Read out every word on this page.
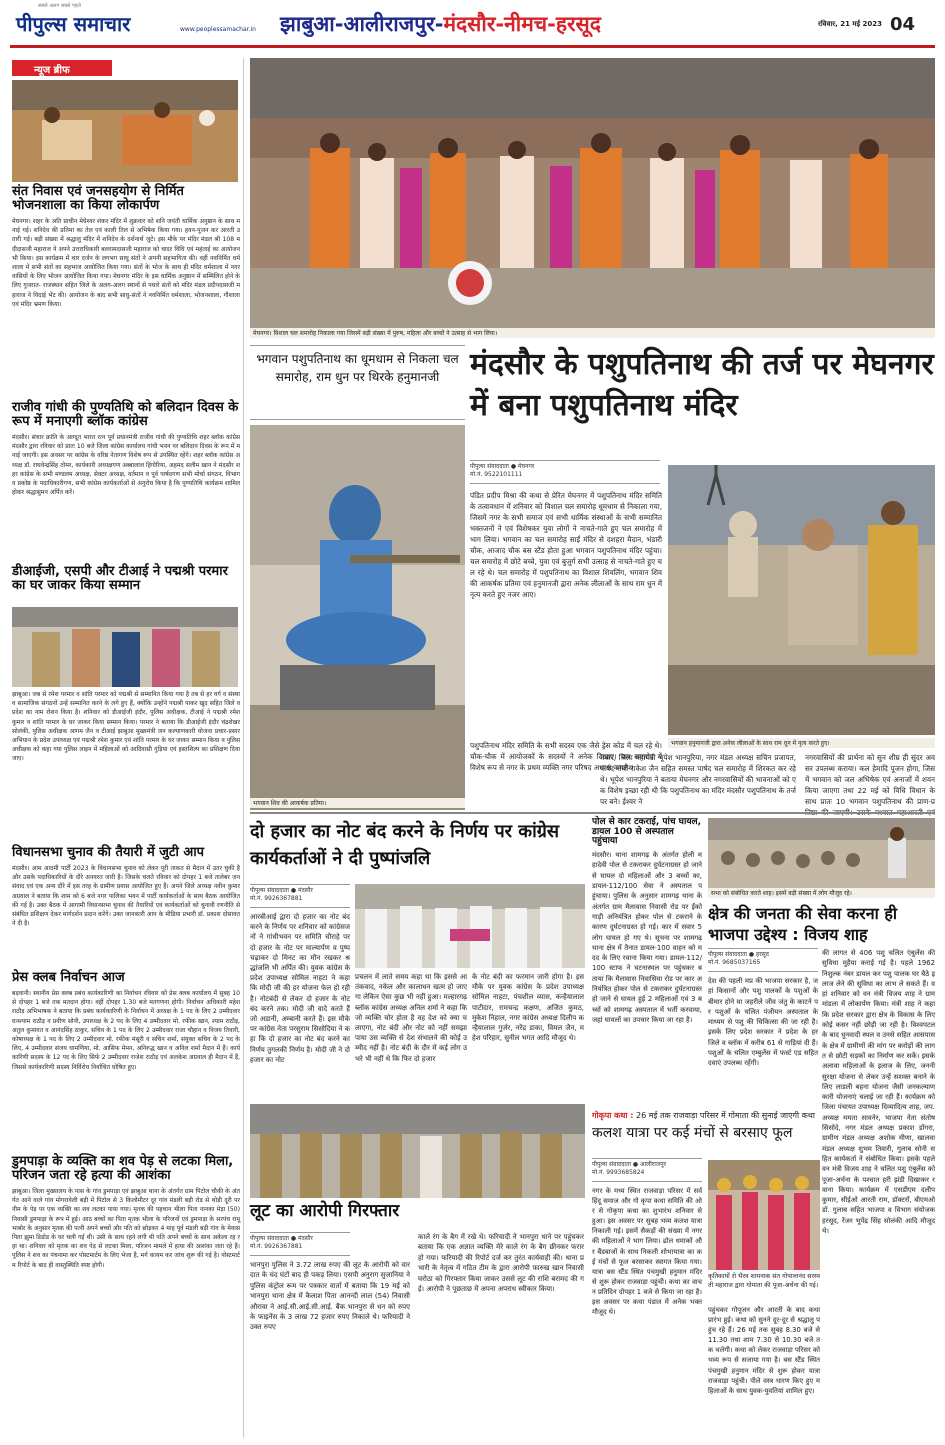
सबसे अलग सबसे पहले
पीपुल्स समाचार	www.peoplessamachar.in झाबुआ-आलीराजपुर-मंदसौर-नीमच-हरसूद	रविवार, 21 मई 2023 04
न्यूज ब्रीफ
संत निवास एवं जनसहयोग से निर्मित भोजनशाला का किया लोकार्पण
मेघनगर। शहर के अति प्राचीन मेघेश्वर शंकर मंदिर में शुक्रवार को शनि जयंती धार्मिक अनुष्ठान के साथ मनाई गई। शनिदेव की प्रतिमा का तेल एवं काली तिल से अभिषेक किया गया। हवन-पूजन कर आरती उतारी गई। बड़ी संख्या में श्रद्धालु मंदिर में शनिदेव के दर्शनार्थ जुटे। इस मौके पर मंदिर मंडल श्री 108 मदीदासजी महाराज ने अपने उत्तराधिकारी बलरामदासजी महाराज को चादर विधि एवं महंताई का आयोजन भी किया। इस कार्यक्रम में चार दर्जन के लगभग साधु संतों ने अपनी सहभागिता की। वहीं नवनिर्मित धर्मशाला में सभी संतों का सहभाज आयोजित किया गया। संतों के भोज के साथ ही मंदिर धर्मशाला में नगरवासियों के लिए भोजन आयोजित किया गया। मेघनगर मंदिर के इस धार्मिक अनुष्ठान में सम्मिलित होने के लिए गुजरात- राजस्थान सहित जिले के अलग-अलग स्थानों से पधारे संतों को मंदिर मंडल प्रदीपदासजी महाराज ने विदाई भेंट की। आयोजन के बाद सभी साधु-संतों ने नवनिर्मित धर्मशाला, भोजनशाला, गौशाला एवं मंदिर भ्रमण किया।
राजीव गांधी की पुण्यतिथि को बलिदान दिवस के रूप में मनाएगी ब्लॉक कांग्रेस
मंदसौर। संचार क्रांति के आग्दूत भारत रत्न पूर्व प्रधानमंत्री राजीव गांधी की पुण्यतिथि शहर ब्लॉक कांग्रेस मंदसौर द्वारा रविवार को प्रातः 10 बजे जिला कांग्रेस कार्यालय गांधी भवन पर बलिदान दिवस के रूप में मनाई जाएगी। इस अवसर पर कांग्रेस के वरिष्ठ नेतागण विशेष रूप से उपस्थित रहेंगे। शहर ब्लॉक कांग्रेस अध्यक्ष डॉ. राघवेन्द्रसिंह तोमर, कार्यकारी अध्यक्षगण अब्बालाल हिंगोरिया, अहमद सलीम खान ने मंदसौर शहर कांग्रेस के सभी मण्डलम अध्यक्ष, सेक्टर अध्यक्ष, वर्तमान व पूर्व पार्षदगण सभी मोर्चा संगठन, विभाग व प्रकोष्ठ के पदाधिकारीगण, सभी कांग्रेस कार्यकर्ताओं से अनुरोध किया है कि पुण्यतिथि कार्यक्रम शामिल होकर श्रद्धासुमन अर्पित करें।
डीआईजी, एसपी और टीआई ने पद्मश्री परमार का घर जाकर किया सम्मान
झाबुआ। जब से रमेश परमार व शांति परमार को पद्मश्री से सम्मानित किया गया है तब से हर वर्ग व संस्था व सामाजिक संगठनों उन्हें सम्मानित करने के लगे हुए हैं, क्योंकि उन्होंने पद्मश्री पाकर खुद सहित जिले व प्रदेश का नाम रोशन किया है। शनिवार को डीआईजी इंदौर, पुलिस अधीक्षक, टीआई ने पद्मश्री रमेश कुमार व शांति परमार के घर जाकर किया सम्मान किया। परमार ने बताया कि डीआईजी इंदौर चंद्रशेखर सोलंकी, पुलिस अधीक्षक आगम जैन व टीआई झाबुआ मुख्यमंत्री जन कल्याणकारी योजना प्रचार-प्रसार अभियान के प्रदेश उपाध्यक्ष एवं पद्मश्री रमेश कुमार एवं शांति परमार के घर जाकर सम्मान किया व पुलिस अधीक्षक को कहा गया पुलिस लाइन में महिलाओं को आदिवासी गुड़िया एवं हस्तशिल्प का प्रशिक्षण दिया जाए।
विधानसभा चुनाव की तैयारी में जुटी आप
मंदसौर। आम आदमी पार्टी 2023 के विधानसभा चुनाव को लेकर पूरी ताकत से मैदान में उतर चुकी है और उसके पदाधिकारियों के दौरे अनवरत जारी है। जिसके चलते रविवार को दोपहर 1 बजे तालेबर जनसंवाद एवं एक अन्य दौरे में इस तरह के ग्रामीण प्रवास आयोजित हुए हैं। अपने जिले अध्यक्ष नवीन कुमार अग्रवाल ने बताया कि शाम को 6 बजे नगर पालिका भवन में पार्टी कार्यकर्ताओं के साथ बैठक आयोजित की गई है। उक्त बैठक में आगामी विधानसभा चुनाव की तैयारियों एवं कार्यकर्ताओं को चुनावी रणनीति से संबंधित प्रशिक्षण देकर मार्गदर्शन प्रदान करेंगे। उक्त जानकारी आप के मीडिया प्रभारी डॉ. प्रकाश दोसावत ने दी है।
प्रेस क्लब निर्वाचन आज
बड़वानी। स्थानीय प्रेस क्लब प्रबंध कार्यकारिणी का निर्वाचन रविवार को प्रेस क्लब कार्यालय में सुबह 10 से दोपहर 1 बजे तक मतदान होगा। वहीं दोपहर 1.30 बजे मतगणना होगी। निर्वाचन अधिकारी महेश राठौड़ अभिभाषक ने बताया कि प्रबंध कार्यकारिणी के निर्वाचन में अध्यक्ष के 1 पद के लिए 2 उम्मीदवार घनश्याम राठौड़ व प्रवीण सोनी, उपाध्यक्ष के 2 पद के लिए 4 उम्मीदवार मो. रफीक खान, श्याम राठौड़, अतुल कुमावत व आनंदसिंह ठाकुर, सचिव के 1 पद के लिए 2 उम्मीदवार राजा चौहान व विजय तिवारी, कोषाध्यक्ष के 1 पद के लिए 2 उम्मीदवार मो. रफीक मंसूरी व सचिन शर्मा, संयुक्त सचिव के 2 पद के लिए, 4 उम्मीदवार संजय धामणिया, मो. आसिफ मेमन, अनिरुद्ध खान व अनिल शर्मा मैदान में हैं। कार्यकारिणी सदस्य के 12 पद के लिए सिर्फ 2 उम्मीदवार राजेश राठौड़ एवं अलकेश अग्रवाल ही मैदान में हैं, जिससे कार्यकारिणी सदस्य निर्विरोध निर्वाचित घोषित हुए।
डुमपाड़ा के व्यक्ति का शव पेड़ से लटका मिला, परिजन जता रहे हत्या की आशंका
झाबुआ। जिला मुख्यालय के पास के गांव डुमपाड़ा एवं झाबुआ थाना के अंतर्गत ग्राम पिटोल चौकी के अंतर्गत आने वाले गांव मोगरावेली बड़ी में पिटोल से 3 किलोमीटर दूर गांव मंडली बड़ी रोड से थोड़ी दूरी पर नीम के पेड़ पर एक व्यक्ति का शव लटका पाया गया। मृतक की पहचान भीला पिता नानका मेड़ा (50) निवासी डुमपाड़ा के रूप में हुई। आठ बच्चों का पिता मृतक भीला के परिजनों एवं डुमपाड़ा के सरपंच रामू भाबोर के अनुसार मृतक की पत्नी अपने बच्चों और पति को छोड़कर 4 माह पूर्व मंडली बड़ी गांव के मेवास पिता झुमा डिडोड के घर चली गई थी। उसी के साथ रहने लगी थी पति अपने बच्चों के साथ अकेला रह रहा था। शनिवार को मृतक का शव पेड़ से लटका मिला, परिजन मामले में हत्या की आशंका जता रहे हैं। पुलिस ने शव का पंचनामा कर पोस्टमार्टम के लिए भेजा है, मर्ग कायम कर जांच शुरू की गई है। पोस्टमार्टम रिपोर्ट के बाद ही वास्तुस्थिति स्पष्ट होगी।
मेघनगर। विशाल चल समारोह निकाला गया जिसमें बड़ी संख्या में पुरुष, महिला और बच्चों ने उत्साह से भाग लिया।
भगवान पशुपतिनाथ का धूमधाम से निकला चल समारोह, राम धुन पर थिरके हनुमानजी	मंदसौर के पशुपतिनाथ की तर्ज पर मेघनगर में बना पशुपतिनाथ मंदिर
भगवान शिव की आकर्षक प्रतिमा।
पीपुल्स संवाददाता ● मेघनगर
मो.नं. 9522101111
पंडित प्रदीप मिश्रा की कथा से प्रेरित मेघनगर में पशुपतिनाथ मंदिर समिति के तत्वावधान में शनिवार को विशाल चल समारोह धूमधाम से निकाला गया, जिसमें नगर के सभी समाज एवं सभी धार्मिक संस्थाओं के सभी सम्मानित भक्तजनों ने एवं विशेषकर युवा लोगों ने नाचते-गाते हुए चल समारोह में भाग लिया। भगवान का चल समारोह साईं मंदिर से दशहरा मैदान, भंडारी चौक, आजाद चौक बस स्टैंड होता हुआ भगवान पशुपतिनाथ मंदिर पहुंचा। चल समारोह में छोटे बच्चे, युवा एवं बुजुर्ग सभी उत्साह से नाचते-गाते हुए चल रहे थे। चल समारोह में पशुपतिनाथ का विशाल शिवलिंग, भगवान शिव की आकर्षक प्रतिमा एवं हनुमानजी द्वारा अनेक लीलाओं के साथ राम धुन में नृत्य करते हुए नजर आए।
भगवान हनुमानजी द्वारा अनेक लीलाओं के साथ राम धुन में नृत्य करते हुए।
पशुपतिनाथ मंदिर समिति के सभी सदस्य एक जैसे ड्रेस कोड में चल रहे थे। चौक-चौक में आयोजकों के सदस्यों ने अनेक दिखाए। चल समारोह में विशेष रूप से नगर के प्रथम व्यक्ति नगर परिषद अध्यक्ष कमलेश
मचार, जिला महामंत्री भूपेश भानपुरिया, नगर मंडल अध्यक्ष सचिन प्रजापत, पार्षद रांची राकेश जैन सहित समस्त पार्षद चल समारोह में शिरकत कर रहे थे। भूपेश भानपुरिया ने बताया मेघनगर और नगरवासियों की भावनाओं को एक विशेष इच्छा रही थी कि पशुपतिनाथ का मंदिर मंदसौर पशुपतिनाथ के तर्ज पर बने। ईश्वर ने
नगरवासियों की प्रार्थना को सुन शीघ्र ही सुंदर अवसर उपलब्ध कराया। कल हेमादि पूजन होगा, जिसमें भगवान को जल अभिषेक एवं अनाजों में शयन किया जाएगा तथा 22 मई को विधि विधान के साथ प्रातः 10 भगवान पशुपतिनाथ की प्राण-प्र
दो हजार का नोट बंद करने के निर्णय पर कांग्रेस कार्यकर्ताओं ने दी पुष्पांजलि
पीपुल्स संवाददाता ● मंदसौर
मो.नं. 9926367881
आरबीआई द्वारा दो हजार का नोट बंद करने के निर्णय पर शनिवार को कांग्रेसजनों ने गांधीभवन पर समिति चौराहे पर दो हजार के नोट पर माल्यार्पण व पुष्प चढ़ाकर दो मिनट का मौन रखकर श्रद्धांजलि भी अर्पित की। युवक कांग्रेस के प्रदेश उपाध्यक्ष सोमिल नाहटा ने कहा कि मोदी जी की हर योजना फेल हो रही है। नोटबंदी से लेकर दो हजार के नोट बंद करने तक। मोदी जी वादे करते हैं जो अडानी, अम्बानी करते हैं। इस मौके पर कांग्रेस नेता परसुराम सिसोदिया ने कहा कि दो हजार का नोट बंद करने का निर्णय तुगलकी निर्णय है। मोदी जी ने दो हजार का नोट
प्रचलन में लाते समय कहा था कि इससे आतंकवाद, नकेल और कालाधन खत्म हो जाएगा लेकिन ऐसा कुछ भी नहीं हुआ। मल्हारगढ़ ब्लॉक कांग्रेस अध्यक्ष अनिल शर्मा ने कहा कि जो व्यक्ति चोर होता है वह देश को क्या चलाएगा, नोट बंदी और नोट को नहीं समझा पाया उस व्यक्ति से देश संभालने की कोई उम्मीद नहीं है। नोट बंदी के दौर में कई लोग उभरे भी नहीं थे कि फिर दो हजार
के नोट बंदी का फरमान जारी होगा है। इस मौके पर युवक कांग्रेस के प्रदेश उपाध्यक्ष सोमिल नाहटा, पंचशील व्यास, कन्हैयालाल पाटीदार, रामचन्द्र कक्षण, अजित कुमठ, मुकेश निहाल, नगर कांग्रेस अध्यक्ष दिलीप कन्हैयालाल गुर्जर, नरेंद्र डाका, विमल जैन, महेश परिहार, सुनील भगत आदि मौजूद थे।
पोल से कार टकराई, पांच घायल, डायल 100 से अस्पताल पहुंचाया
मंदसौर। थाना शामगढ़ के अंतर्गत होली महादेवी पोल से टकराकर दुर्घटनाग्रस्त हो जाने से घायल दो महिलाओं और 3 बच्चों का, डायल-112/100 सेवा ने अस्पताल पहुंचाया। पुलिस के अनुसार शामगढ़ थाना के अंतर्गत ग्राम मैलावास निवासी रोड पर ईंको गाड़ी अनियंत्रित होकर पोल से टकराने के कारण दुर्घटनाग्रस्त हो गई। कार में सवार 5 लोग घायल हो गए थे। सूचना पर शामगढ़ थाना क्षेत्र में तैनात डायल-100 वाहन को मदद के लिए रवाना किया गया। डायल-112/100 स्टाफ ने घटनास्थल पर पहुंचकर बताया कि मैलावास निवासिया रोड पर कार अनियंत्रित होकर पोल से टकराकर दुर्घटनाग्रस्त हो जाने से घायल हुई 2 महिलाओं एवं 3 बच्चों को शामगढ़ अस्पताल में भर्ती करवाया, जहां घायलों का उपचार किया जा रहा है।
सभा को संबोधित करते शाह। इसमें बड़ी संख्या में लोग मौजूद रहे।
क्षेत्र की जनता की सेवा करना ही भाजपा उद्देश्य : विजय शाह
पीपुल्स संवाददाता ● हरसूद
मो.नं. 9685037165
देश की पहली मप्र की भाजपा सरकार है, जहां किसानों और पशु पालकों के पशुओं के बीमार होने या जहरीले जीव जंतु के काटने पर पशुओं के चलित पंजीयन अस्पताल के माध्यम से पशु की चिकित्सा की जा रही है। इसके लिए प्रदेश सरकार ने प्रदेश के हर जिले व ब्लॉक में करीब 61 से गाड़ियां दी हैं। पशुओं के चलित एम्बुलेंस में फर्स्ट एड सहित दवाएं उपलब्ध रहेंगी।
की लागत से 406 पशु चलित एंबुलेंस की सुविधा मुहैया कराई गई है। पहले 1962 निशुल्क नंबर डायल कर पशु पालक घर बैठे इलाज लेने की सुविधा का लाभ ले सकते हैं। वहां शनिवार को वन मंत्री विजय शाह ने ग्राम मांडला में लोकार्पण किया। मंत्री शाह ने कहा कि प्रदेश सरकार द्वारा क्षेत्र के विकास के लिए कोई कसर नहीं छोड़ी जा रही है। विश्वपटल के बाद धुनवादी स्थल व उनसे सहित आसपास के क्षेत्र में ग्रामीणों की मांग पर करोड़ों की लागत से छोटी सड़कों का निर्माण कर सकें। इसके अलावा महिलाओं के इलाज के लिए, जननी सुरक्षा योजना से लेकर उन्हें सशक्त बनाने के लिए लाडली बहना योजना जैसी जनकल्याणकारी योजनाएं चलाई जा रही हैं। कार्यक्रम को जिला पंचायत उपाध्यक्ष दिव्यादित्य शाह, जप. अध्यक्ष ममता सावनेर, भाजपा नेता संतोष सिसोदे, नगर मंडल अध्यक्ष प्रकाश डोंगरा, ग्रामीण मंडल अध्यक्ष अशोक मीणा, खालवा मंडल अध्यक्ष शुभम तिवारी, गुलाब सोनी सहित कार्यकर्ता ने संबोधित किया। इसके पहले वन मंत्री विजय शाह ने चलित पशु एंबुलेंस को पूजा-अर्चना के पश्चात हरी झंडी दिखाकर रवाना किया। कार्यक्रम में एसडीएम दलीप कुमार, सीईओ आरती राम, डॉक्टरों, बीएमओ डॉ. गुलाब सहित भाजपा व विभाग संयोजक हरसूद, रेंजर भूपेंद्र सिंह सोलंकी आदि मौजूद थे।
लूट का आरोपी गिरफ्तार
पीपुल्स संवाददाता ● मंदसौर
मो.नं. 9926367881
भानपुरा पुलिस ने 3.72 लाख रुपए की लूट के आरोपी को वारदात के चंद घंटों बाद ही पकड़ लिया। एसपी अनुराग सुजानिया ने पुलिस कंट्रोल रूम पर पत्रकार वार्ता में बताया कि 19 मई को भानपुरा थाना क्षेत्र में कैलाश पिता आनन्दी लाल (54) निवासी औरावा ने आई.सी.आई.सी.आई. बैंक भानपुरा से धन को रुपए के फाइनेंस के 3 लाख 72 हजार रुपए निकाले थे। फरियादी ने उक्त रुपए
काले रंग के बैग में रखे थे। फरियादी ने भानपुरा थाने पर पहुंचकर बताया कि एक अज्ञात व्यक्ति मेरे काले रंग के बैग छीनकर फरार हो गया। फरियादी की रिपोर्ट दर्ज कर तुरंत कार्यवाही की। थाना प्रभारी के नेतृत्व में गठित टीम के द्वारा आरोपी फारुख खान निवासी घरोठा को गिरफ्तार किया जाकर उससे लूट की राशि बरामद की गई। आरोपी ने पूछताछ में अपना अपराध स्वीकार किया।
गोकृपा कथा : 26 मई तक राजवाड़ा परिसर में गोमाता की सुनाई जाएगी कथा
कलश यात्रा पर कई मंचों से बरसाए फूल
पीपुल्स संवाददाता ● आलीराजपुर
मो.नं. 9993685824
नगर के मध्य स्थित राजवाड़ा परिसर में सर्व हिंदू समाज और गो कृपा कथा समिति की ओर से गोकृपा कथा का शुभारंभ शनिवार से हुआ। इस अवसर पर सुबह भव्य कलश यात्रा निकाली गई। इसमें सैकड़ों की संख्या में नगर की महिलाओं ने भाग लिया। ढोल धमाकों और बैंडबाजों के साथ निकली शोभायात्रा का कई मंचों से फूल बरसाकर स्वागत किया गया। यात्रा बस स्टैंड स्थित पंचमुखी हनुमान मंदिर से शुरू होकर राजवाड़ा पहुंची। कथा का वाचन प्रतिदिन दोपहर 1 बजे से किया जा रहा है। इस अवसर पर कथा पंडाल में अनेक भक्त मौजूद थे।
कृतिकायों रो भैरव शामनाक संत गोपालानंद सरस्वती महाराज द्वारा गोमाता की पूजा-अर्चना की गई।
पहुंचकर गोपूजन और आरती के बाद कथा प्रारंभ हुई। कथा को सुनने दूर-दूर से श्रद्धालु पहुंच रहे हैं। 26 मई तक सुबह 8.30 बजे से 11.30 तथा शाम 7.30 से 10.30 बजे तक चलेगी। कथा को लेकर राजवाड़ा परिसर को भव्य रूप से सजाया गया है। बस स्टैंड स्थित पंचमुखी हनुमान मंदिर से शुरू होकर यात्रा राजवाड़ा पहुंची। पीले वस्त्र धारण किए हुए महिलाओं के साथ युवक-युवतियां शामिल हुए।
